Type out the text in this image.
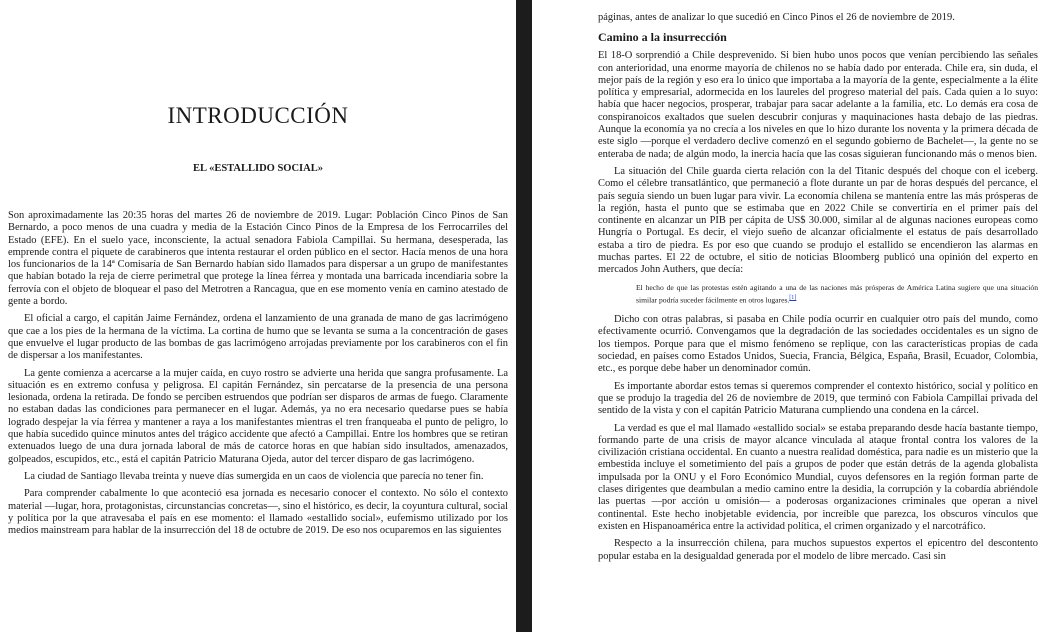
INTRODUCCIÓN
EL «ESTALLIDO SOCIAL»

Son aproximadamente las 20:35 horas del martes 26 de noviembre de 2019. Lugar: Población Cinco Pinos de San Bernardo, a poco menos de una cuadra y media de la Estación Cinco Pinos de la Empresa de los Ferrocarriles del Estado (EFE). En el suelo yace, inconsciente, la actual senadora Fabiola Campillai. Su hermana, desesperada, las emprende contra el piquete de carabineros que intenta restaurar el orden público en el sector. Hacía menos de una hora los funcionarios de la 14ª Comisaría de San Bernardo habían sido llamados para dispersar a un grupo de manifestantes que habían botado la reja de cierre perimetral que protege la línea férrea y montada una barricada incendiaria sobre la ferrovía con el objeto de bloquear el paso del Metrotren a Rancagua, que en ese momento venía en camino atestado de gente a bordo.

El oficial a cargo, el capitán Jaime Fernández, ordena el lanzamiento de una granada de mano de gas lacrimógeno que cae a los pies de la hermana de la víctima. La cortina de humo que se levanta se suma a la concentración de gases que envuelve el lugar producto de las bombas de gas lacrimógeno arrojadas previamente por los carabineros con el fin de dispersar a los manifestantes.

La gente comienza a acercarse a la mujer caída, en cuyo rostro se advierte una herida que sangra profusamente. La situación es en extremo confusa y peligrosa. El capitán Fernández, sin percatarse de la presencia de una persona lesionada, ordena la retirada. De fondo se perciben estruendos que podrían ser disparos de armas de fuego. Claramente no estaban dadas las condiciones para permanecer en el lugar. Además, ya no era necesario quedarse pues se había logrado despejar la vía férrea y mantener a raya a los manifestantes mientras el tren franqueaba el punto de peligro, lo que había sucedido quince minutos antes del trágico accidente que afectó a Campillai. Entre los hombres que se retiran extenuados luego de una dura jornada laboral de más de catorce horas en que habían sido insultados, amenazados, golpeados, escupidos, etc., está el capitán Patricio Maturana Ojeda, autor del tercer disparo de gas lacrimógeno.

La ciudad de Santiago llevaba treinta y nueve días sumergida en un caos de violencia que parecía no tener fin.

Para comprender cabalmente lo que aconteció esa jornada es necesario conocer el contexto. No sólo el contexto material —lugar, hora, protagonistas, circunstancias concretas—, sino el histórico, es decir, la coyuntura cultural, social y política por la que atravesaba el país en ese momento: el llamado «estallido social», eufemismo utilizado por los medios mainstream para hablar de la insurrección del 18 de octubre de 2019. De eso nos ocuparemos en las siguientes

páginas, antes de analizar lo que sucedió en Cinco Pinos el 26 de noviembre de 2019.

Camino a la insurrección

El 18-O sorprendió a Chile desprevenido. Si bien hubo unos pocos que venían percibiendo las señales con anterioridad, una enorme mayoría de chilenos no se había dado por enterada. Chile era, sin duda, el mejor país de la región y eso era lo único que importaba a la mayoría de la gente, especialmente a la élite política y empresarial, adormecida en los laureles del progreso material del país. Cada quien a lo suyo: había que hacer negocios, prosperar, trabajar para sacar adelante a la familia, etc. Lo demás era cosa de conspiranoicos exaltados que suelen descubrir conjuras y maquinaciones hasta debajo de las piedras. Aunque la economía ya no crecía a los niveles en que lo hizo durante los noventa y la primera década de este siglo —porque el verdadero declive comenzó en el segundo gobierno de Bachelet—, la gente no se enteraba de nada; de algún modo, la inercia hacía que las cosas siguieran funcionando más o menos bien.

La situación del Chile guarda cierta relación con la del Titanic después del choque con el iceberg. Como el célebre transatlántico, que permaneció a flote durante un par de horas después del percance, el país seguía siendo un buen lugar para vivir. La economía chilena se mantenía entre las más prósperas de la región, hasta el punto que se estimaba que en 2022 Chile se convertiría en el primer país del continente en alcanzar un PIB per cápita de US$ 30.000, similar al de algunas naciones europeas como Hungría o Portugal. Es decir, el viejo sueño de alcanzar oficialmente el estatus de país desarrollado estaba a tiro de piedra. Es por eso que cuando se produjo el estallido se encendieron las alarmas en muchas partes. El 22 de octubre, el sitio de noticias Bloomberg publicó una opinión del experto en mercados John Authers, que decía:

El hecho de que las protestas estén agitando a una de las naciones más prósperas de América Latina sugiere que una situación similar podría suceder fácilmente en otros lugares.[1]

Dicho con otras palabras, si pasaba en Chile podía ocurrir en cualquier otro país del mundo, como efectivamente ocurrió. Convengamos que la degradación de las sociedades occidentales es un signo de los tiempos. Porque para que el mismo fenómeno se replique, con las características propias de cada sociedad, en países como Estados Unidos, Suecia, Francia, Bélgica, España, Brasil, Ecuador, Colombia, etc., es porque debe haber un denominador común.

Es importante abordar estos temas si queremos comprender el contexto histórico, social y político en que se produjo la tragedia del 26 de noviembre de 2019, que terminó con Fabiola Campillai privada del sentido de la vista y con el capitán Patricio Maturana cumpliendo una condena en la cárcel.

La verdad es que el mal llamado «estallido social» se estaba preparando desde hacía bastante tiempo, formando parte de una crisis de mayor alcance vinculada al ataque frontal contra los valores de la civilización cristiana occidental. En cuanto a nuestra realidad doméstica, para nadie es un misterio que la embestida incluye el sometimiento del país a grupos de poder que están detrás de la agenda globalista impulsada por la ONU y el Foro Económico Mundial, cuyos defensores en la región forman parte de clases dirigentes que deambulan a medio camino entre la desidia, la corrupción y la cobardía abriéndole las puertas —por acción u omisión— a poderosas organizaciones criminales que operan a nivel continental. Este hecho inobjetable evidencia, por increíble que parezca, los obscuros vínculos que existen en Hispanoamérica entre la actividad política, el crimen organizado y el narcotráfico.

Respecto a la insurrección chilena, para muchos supuestos expertos el epicentro del descontento popular estaba en la desigualdad generada por el modelo de libre mercado. Casi sin
